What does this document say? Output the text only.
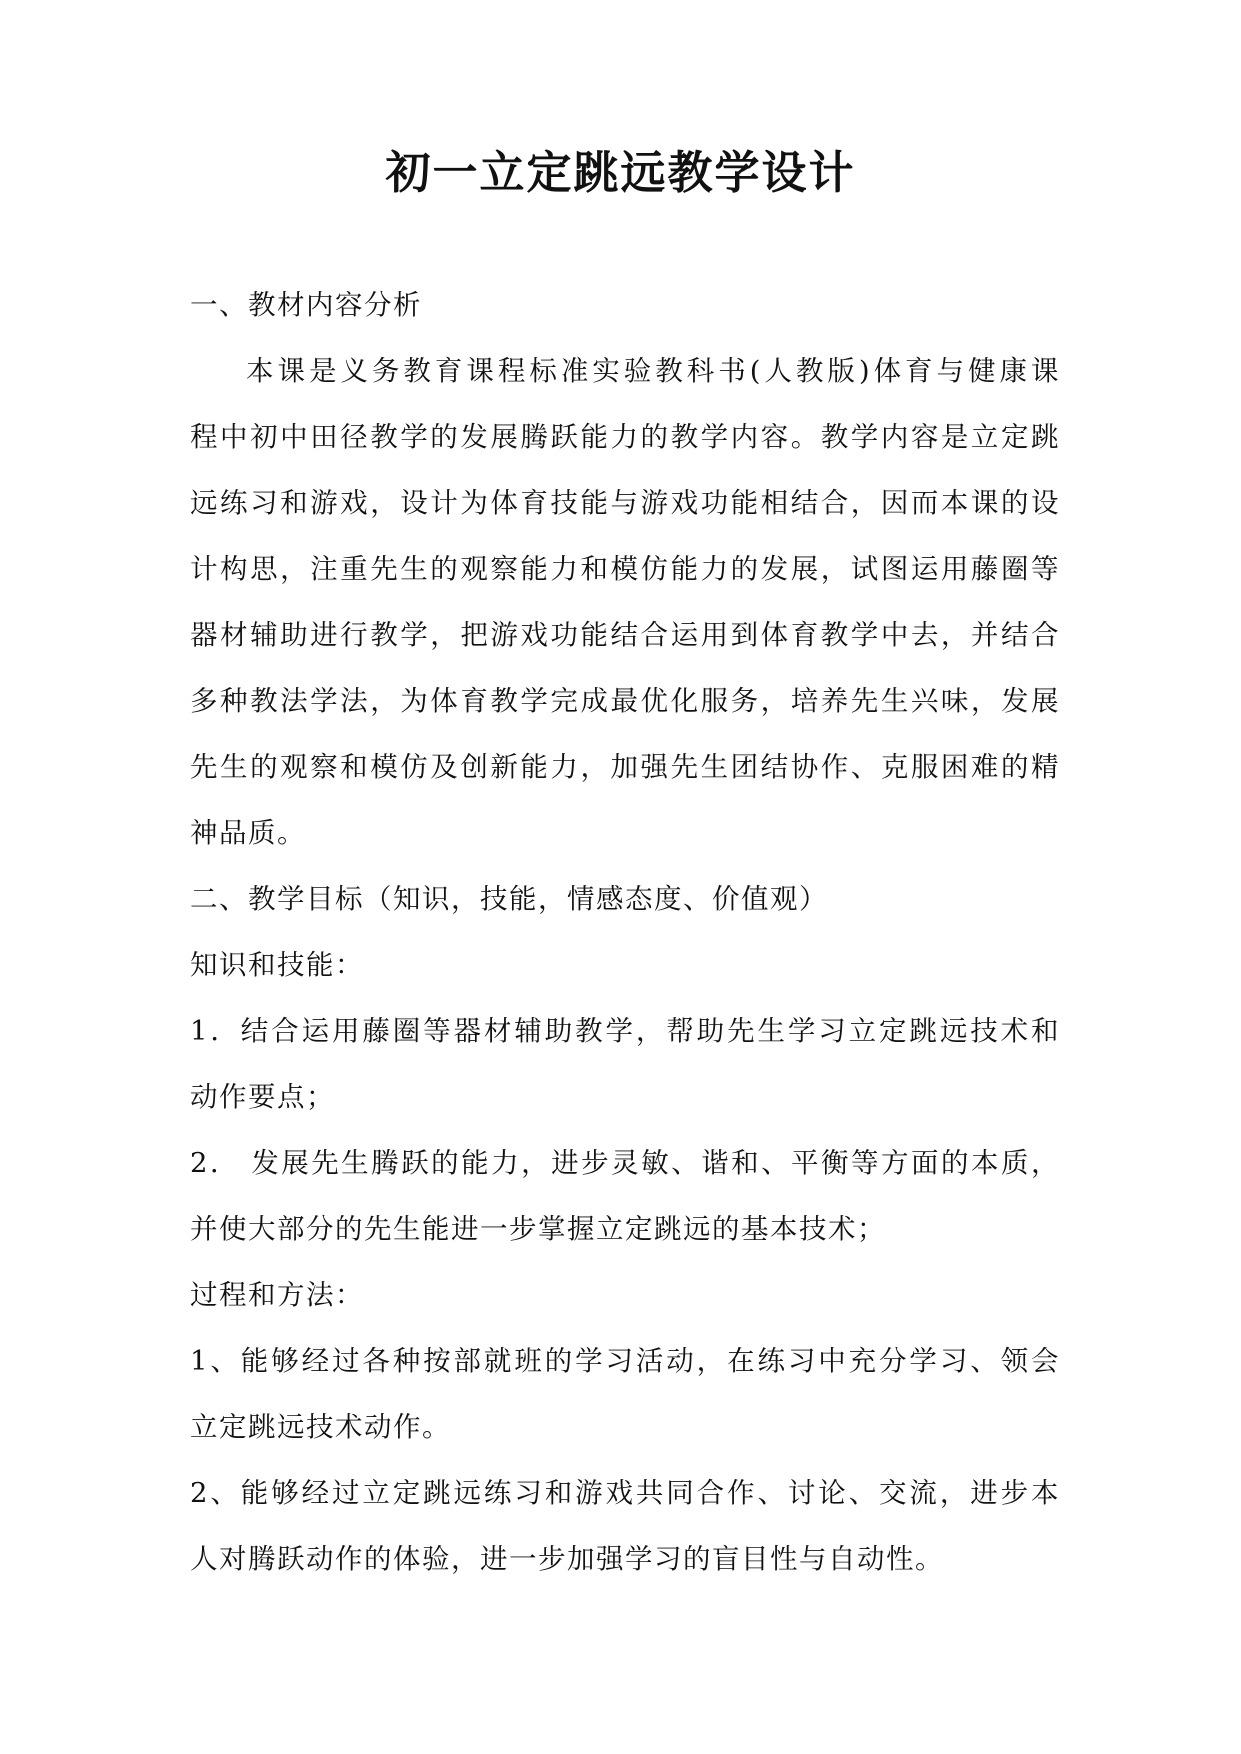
初一立定跳远教学设计

一、教材内容分析

本课是义务教育课程标准实验教科书(人教版)体育与健康课

程中初中田径教学的发展腾跃能力的教学内容。教学内容是立定跳

远练习和游戏，设计为体育技能与游戏功能相结合，因而本课的设

计构思，注重先生的观察能力和模仿能力的发展，试图运用藤圈等

器材辅助进行教学，把游戏功能结合运用到体育教学中去，并结合

多种教法学法，为体育教学完成最优化服务，培养先生兴味，发展

先生的观察和模仿及创新能力，加强先生团结协作、克服困难的精

神品质。

二、教学目标（知识，技能，情感态度、价值观）

知识和技能：

1．结合运用藤圈等器材辅助教学，帮助先生学习立定跳远技术和

动作要点；

2． 发展先生腾跃的能力，进步灵敏、谐和、平衡等方面的本质，

并使大部分的先生能进一步掌握立定跳远的基本技术；

过程和方法：

1、能够经过各种按部就班的学习活动，在练习中充分学习、领会

立定跳远技术动作。

2、能够经过立定跳远练习和游戏共同合作、讨论、交流，进步本

人对腾跃动作的体验，进一步加强学习的盲目性与自动性。
